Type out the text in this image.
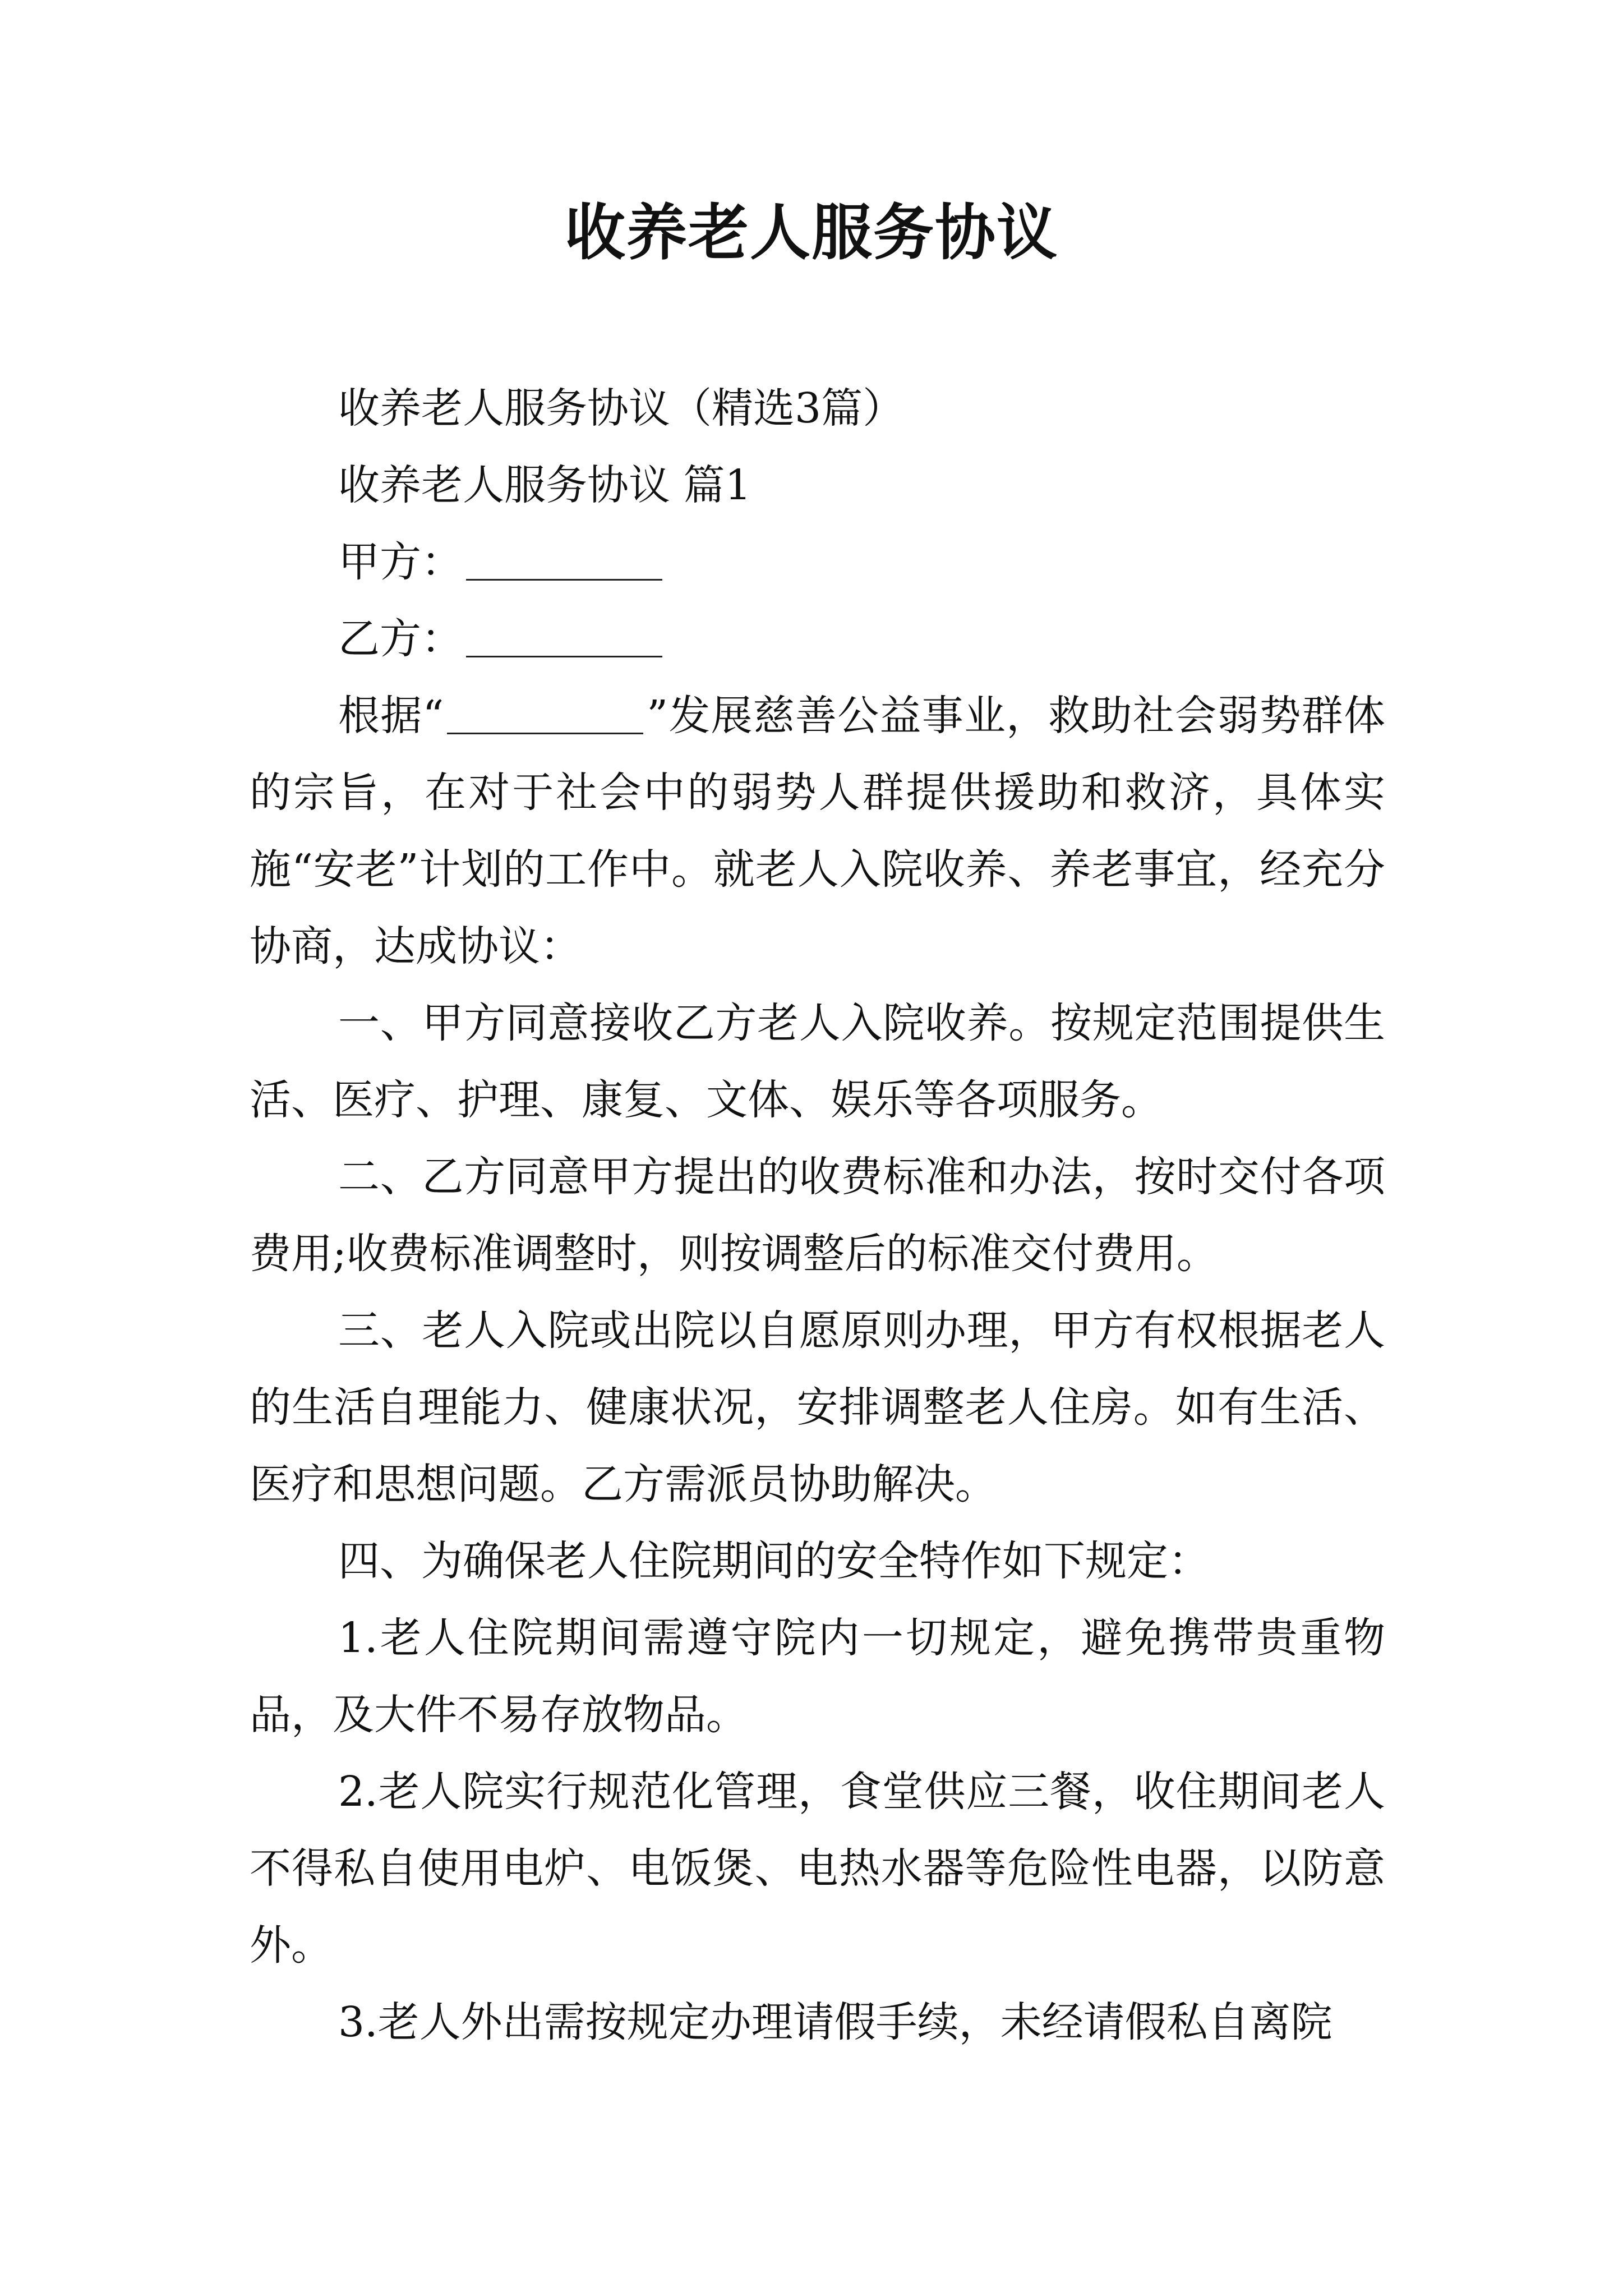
收养老人服务协议

收养老人服务协议（精选3篇）

收养老人服务协议 篇1

甲方：

乙方：

根据“	”发展慈善公益事业，救助社会弱势群体的宗旨，在对于社会中的弱势人群提供援助和救济，具体实施“安老”计划的工作中。就老人入院收养、养老事宜，经充分协商，达成协议：

一、甲方同意接收乙方老人入院收养。按规定范围提供生活、医疗、护理、康复、文体、娱乐等各项服务。

二、乙方同意甲方提出的收费标准和办法，按时交付各项费用;收费标准调整时，则按调整后的标准交付费用。

三、老人入院或出院以自愿原则办理，甲方有权根据老人的生活自理能力、健康状况，安排调整老人住房。如有生活、医疗和思想问题。乙方需派员协助解决。

四、为确保老人住院期间的安全特作如下规定：

1.老人住院期间需遵守院内一切规定，避免携带贵重物品，及大件不易存放物品。

2.老人院实行规范化管理，食堂供应三餐，收住期间老人不得私自使用电炉、电饭煲、电热水器等危险性电器，以防意外。

3.老人外出需按规定办理请假手续，未经请假私自离院
